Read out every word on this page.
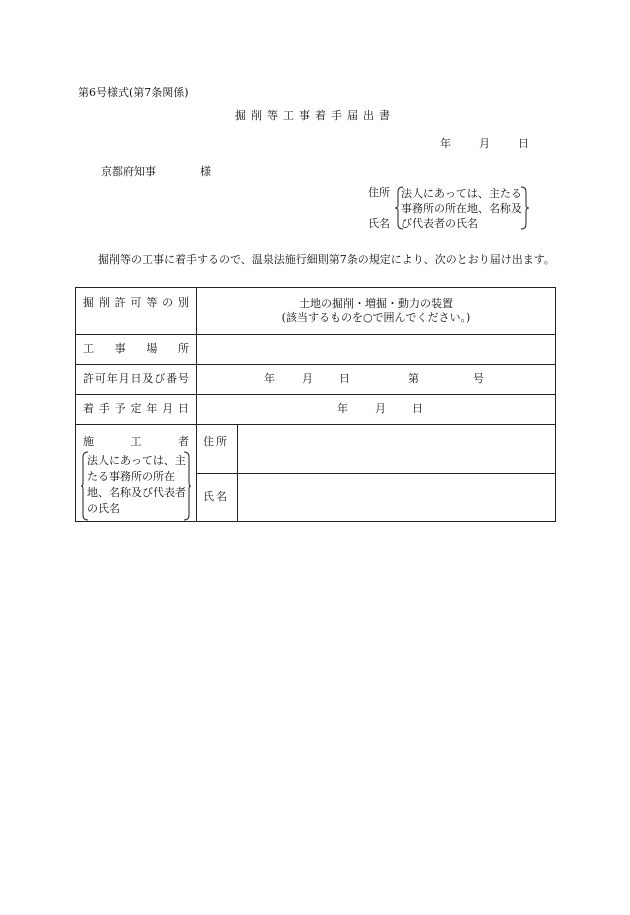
第6号様式(第7条関係)
掘削等工事着手届出書
年	月	日
京都府知事	様
住所
氏名
法人にあっては、主たる
事務所の所在地、名称及
び代表者の氏名
掘削等の工事に着手するので、温泉法施行細則第7条の規定により、次のとおり届け出ます。
掘削許可等の別	土地の掘削・増掘・動力の装置
(該当するものを○で囲んでください。)	

工事場所		
許可年月日及び番号	年 月 日 第 号	

着手予定年月日	年 月 日	

施 工 者
法人にあっては、主たる事務所の所在地、名称及び代表者の氏名	住所	
	氏名	
